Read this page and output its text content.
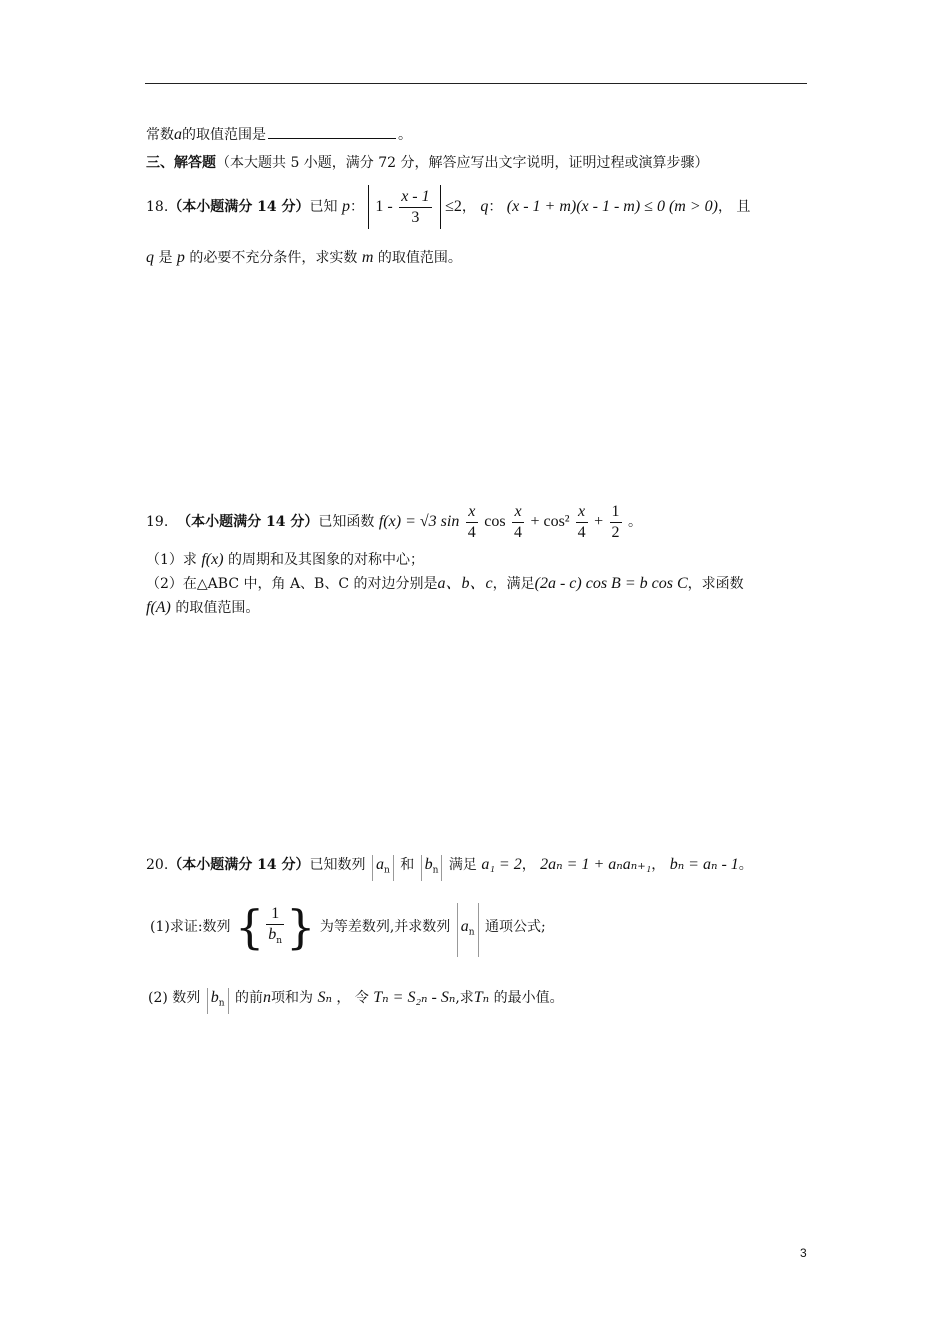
常数a的取值范围是	。
三、解答题（本大题共 5 小题，满分 72 分，解答应写出文字说明，证明过程或演算步骤）
18.（本小题满分 14 分）已知 p： $1 - \frac{x - 1}{3} \le 2$， q： (x - 1 + m)(x - 1 - m) ≤ 0 (m > 0)， 且
q 是 p 的必要不充分条件，求实数 m 的取值范围。
19. （本小题满分 14 分）已知函数 f(x) = √3 $\sin \frac{x}{4}$ $\cos \frac{x}{4} + \cos^2 \frac{x}{4} + \frac{1}{2}$ 。
（1）求 f(x) 的周期和及其图象的对称中心；
（2）在△ABC 中，角 A、B、C 的对边分别是a、b、c，满足(2a - c) cos B = b cos C，求函数
f(A) 的取值范围。
20.（本小题满分 14 分）已知数列 $a_n$ 和 $b_n$ 满足 a₁ = 2， 2aₙ = 1 + aₙaₙ₊₁， bₙ = aₙ - 1。
(1)求证:数列 { $\frac{1}{b_n}$ } 为等差数列,并求数列 $a_n$ 通项公式;
(2) 数列 $b_n$ 的前n项和为 Sₙ ， 令 Tₙ = S₂ₙ - Sₙ,求Tₙ 的最小值。
3
